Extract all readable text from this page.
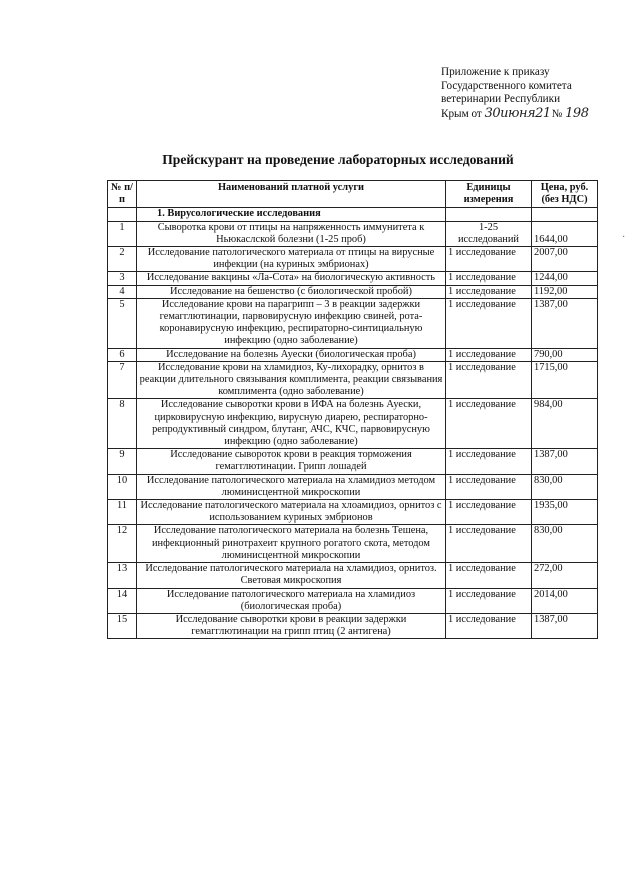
Приложение к приказу
Государственного комитета
ветеринарии Республики
Крым от 30июня21№ 198
Прейскурант на проведение лабораторных исследований
№ п/п	Наименований платной услуги	Единицы измерения	Цена, руб. (без НДС)
	1. Вирусологические исследования		
1	Сыворотка крови от птицы на напряженность иммунитета к Ньюкаслской болезни (1-25 проб)	1-25 исследований	1644,00
2	Исследование патологического материала от птицы на вирусные инфекции (на куриных эмбрионах)	1 исследование	2007,00
3	Исследование вакцины «Ла-Сота» на биологическую активность	1 исследование	1244,00
4	Исследование на бешенство (с биологической пробой)	1 исследование	1192,00
5	Исследование крови на парагрипп – 3 в реакции задержки гемагглютинации, парвовирусную инфекцию свиней, рота-коронавирусную инфекцию, респираторно-синтициальную инфекцию (одно заболевание)	1 исследование	1387,00
6	Исследование на болезнь Ауески (биологическая проба)	1 исследование	790,00
7	Исследование крови на хламидиоз, Ку-лихорадку, орнитоз в реакции длительного связывания комплимента, реакции связывания комплимента (одно заболевание)	1 исследование	1715,00
8	Исследование сыворотки крови в ИФА на болезнь Ауески, цирковирусную инфекцию, вирусную диарею, респираторно-репродуктивный синдром, блутанг, АЧС, КЧС, парвовирусную инфекцию (одно заболевание)	1 исследование	984,00
9	Исследование сывороток крови в реакция торможения гемагглютинации. Грипп лошадей	1 исследование	1387,00
10	Исследование патологического материала на хламидиоз методом люминисцентной микроскопии	1 исследование	830,00
11	Исследование патологического материала на хлоамидиоз, орнитоз с использованием куриных эмбрионов	1 исследование	1935,00
12	Исследование патологического материала на болезнь Тешена, инфекционный ринотрахеит крупного рогатого скота, методом люминисцентной микроскопии	1 исследование	830,00
13	Исследование патологического материала на хламидиоз, орнитоз. Световая микроскопия	1 исследование	272,00
14	Исследование патологического материала на хламидиоз (биологическая проба)	1 исследование	2014,00
15	Исследование сыворотки крови в реакции задержки гемагглютинации на грипп птиц (2 антигена)	1 исследование	1387,00
·
